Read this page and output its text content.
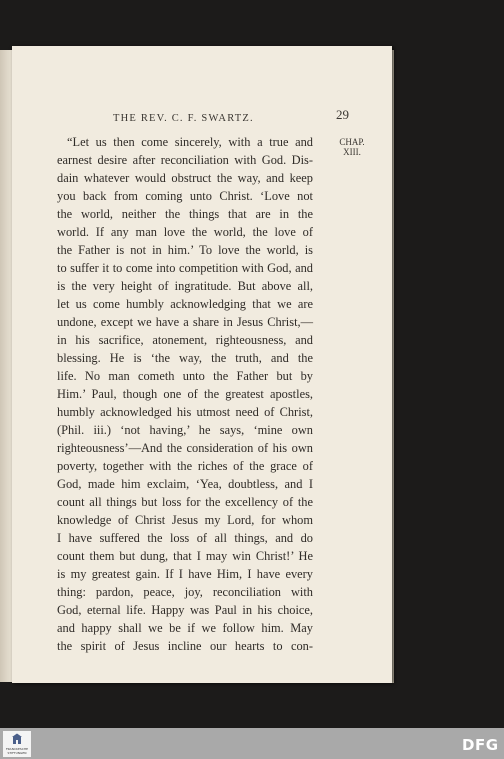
THE REV. C. F. SWARTZ.	29
CHAP.
XIII.
“Let us then come sincerely, with a true and
earnest desire after reconciliation with God. Dis-
dain whatever would obstruct the way, and keep
you back from coming unto Christ. ‘Love not
the world, neither the things that are in the
world. If any man love the world, the love of
the Father is not in him.’ To love the world, is
to suffer it to come into competition with God, and
is the very height of ingratitude. But above all,
let us come humbly acknowledging that we are
undone, except we have a share in Jesus Christ,—
in his sacrifice, atonement, righteousness, and
blessing. He is ‘the way, the truth, and the
life. No man cometh unto the Father but by
Him.’ Paul, though one of the greatest apostles,
humbly acknowledged his utmost need of Christ,
(Phil. iii.) ‘not having,’ he says, ‘mine own
righteousness’—And the consideration of his own
poverty, together with the riches of the grace of
God, made him exclaim, ‘Yea, doubtless, and I
count all things but loss for the excellency of the
knowledge of Christ Jesus my Lord, for whom
I have suffered the loss of all things, and do
count them but dung, that I may win Christ!’ He
is my greatest gain. If I have Him, I have every
thing: pardon, peace, joy, reconciliation with
God, eternal life. Happy was Paul in his choice,
and happy shall we be if we follow him. May
the spirit of Jesus incline our hearts to con-
FRANCKESCHE
STIFTUNGEN	DFG
